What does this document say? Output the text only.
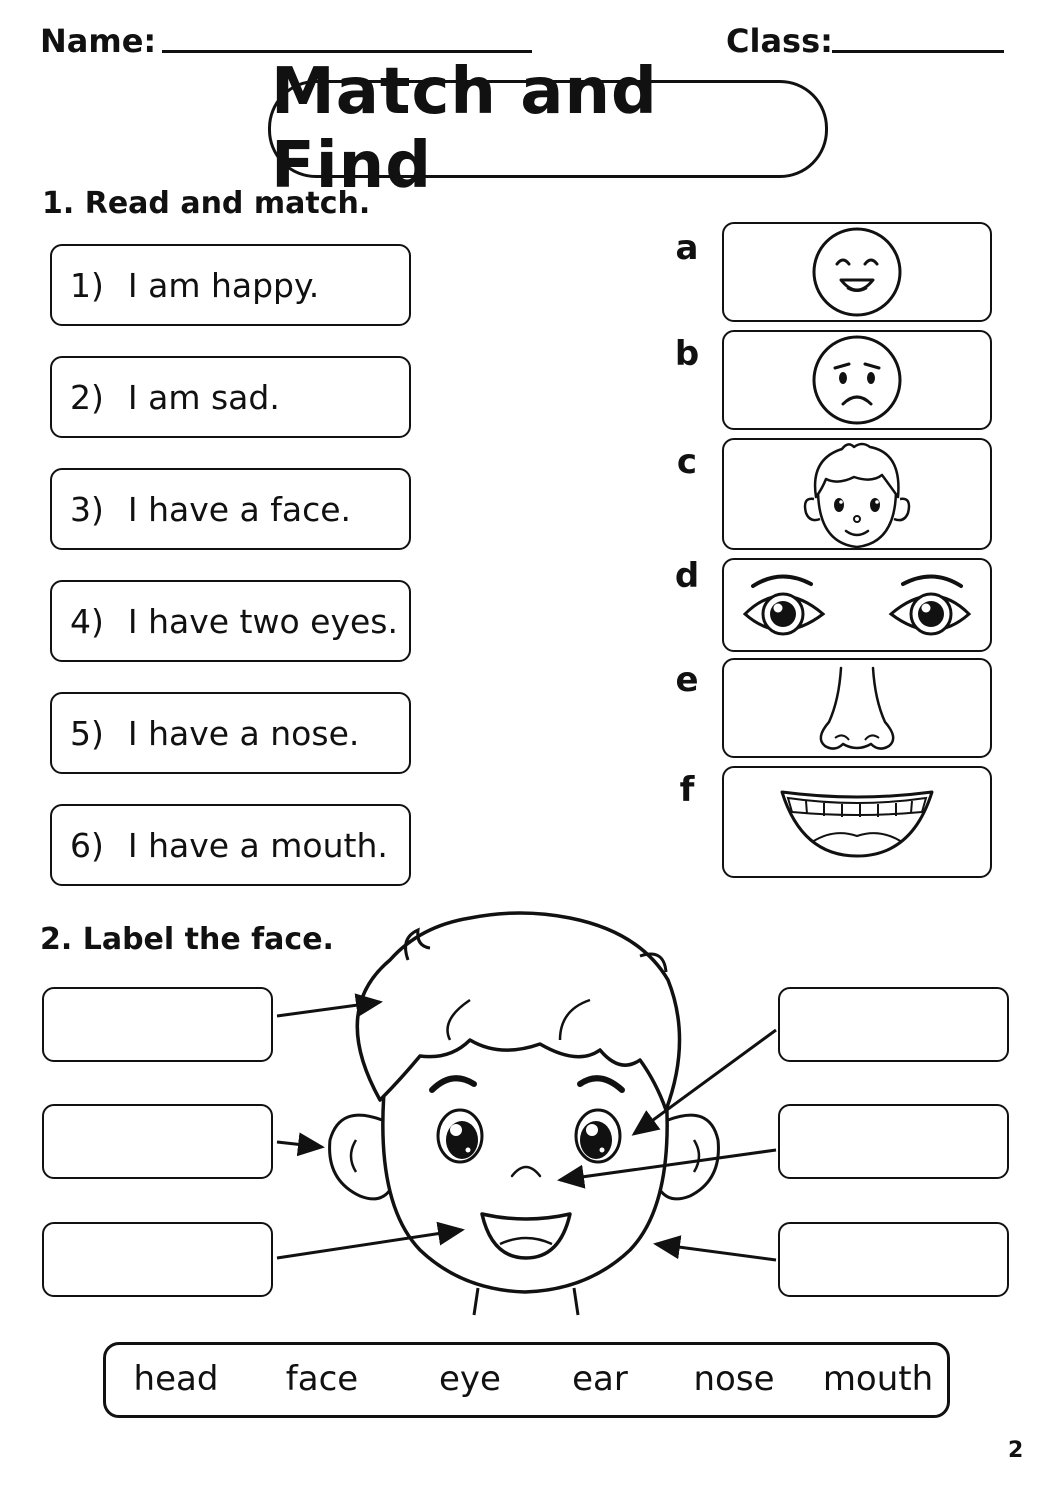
Name:	Class:
Match and Find
1. Read and match.
1) I am happy.
2) I am sad.
3) I have a face.
4) I have two eyes.
5) I have a nose.
6) I have a mouth.
a
b
c
d
e
f
2. Label the face.
head	face	eye	ear	nose	mouth
2
